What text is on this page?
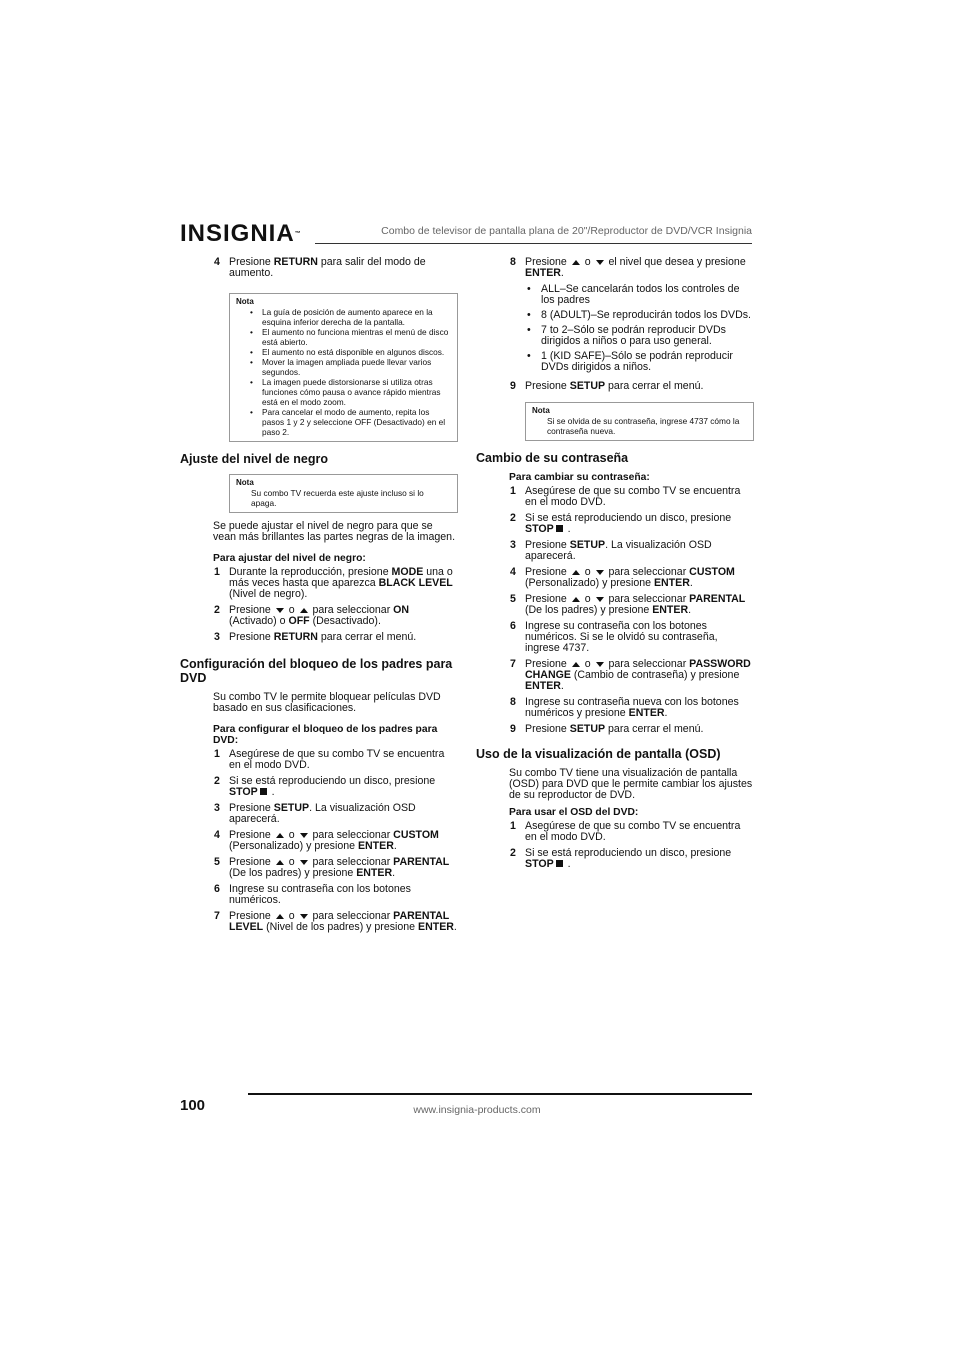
INSIGNIA™	Combo de televisor de pantalla plana de 20"/Reproductor de DVD/VCR Insignia
4 Presione RETURN para salir del modo de aumento.
Nota
• La guía de posición de aumento aparece en la esquina inferior derecha de la pantalla.
• El aumento no funciona mientras el menú de disco está abierto.
• El aumento no está disponible en algunos discos.
• Mover la imagen ampliada puede llevar varios segundos.
• La imagen puede distorsionarse si utiliza otras funciones cómo pausa o avance rápido mientras está en el modo zoom.
• Para cancelar el modo de aumento, repita los pasos 1 y 2 y seleccione OFF (Desactivado) en el paso 2.
Ajuste del nivel de negro
Nota
Su combo TV recuerda este ajuste incluso si lo apaga.
Se puede ajustar el nivel de negro para que se vean más brillantes las partes negras de la imagen.
Para ajustar del nivel de negro:
1 Durante la reproducción, presione MODE una o más veces hasta que aparezca BLACK LEVEL (Nivel de negro).
2 Presione  o  para seleccionar ON (Activado) o OFF (Desactivado).
3 Presione RETURN para cerrar el menú.
Configuración del bloqueo de los padres para DVD
Su combo TV le permite bloquear películas DVD basado en sus clasificaciones.
Para configurar el bloqueo de los padres para DVD:
1 Asegúrese de que su combo TV se encuentra en el modo DVD.
2 Si se está reproduciendo un disco, presione STOP .
3 Presione SETUP. La visualización OSD aparecerá.
4 Presione  o  para seleccionar CUSTOM (Personalizado) y presione ENTER.
5 Presione  o  para seleccionar PARENTAL (De los padres) y presione ENTER.
6 Ingrese su contraseña con los botones numéricos.
7 Presione  o  para seleccionar PARENTAL LEVEL (Nivel de los padres) y presione ENTER.
8 Presione  o  el nivel que desea y presione ENTER.
• ALL–Se cancelarán todos los controles de los padres
• 8 (ADULT)–Se reproducirán todos los DVDs.
• 7 to 2–Sólo se podrán reproducir DVDs dirigidos a niños o para uso general.
• 1 (KID SAFE)–Sólo se podrán reproducir DVDs dirigidos a niños.
9 Presione SETUP para cerrar el menú.
Nota
Si se olvida de su contraseña, ingrese 4737 cómo la contraseña nueva.
Cambio de su contraseña
Para cambiar su contraseña:
1 Asegúrese de que su combo TV se encuentra en el modo DVD.
2 Si se está reproduciendo un disco, presione STOP .
3 Presione SETUP. La visualización OSD aparecerá.
4 Presione  o  para seleccionar CUSTOM (Personalizado) y presione ENTER.
5 Presione  o  para seleccionar PARENTAL (De los padres) y presione ENTER.
6 Ingrese su contraseña con los botones numéricos. Si se le olvidó su contraseña, ingrese 4737.
7 Presione  o  para seleccionar PASSWORD CHANGE (Cambio de contraseña) y presione ENTER.
8 Ingrese su contraseña nueva con los botones numéricos y presione ENTER.
9 Presione SETUP para cerrar el menú.
Uso de la visualización de pantalla (OSD)
Su combo TV tiene una visualización de pantalla (OSD) para DVD que le permite cambiar los ajustes de su reproductor de DVD.
Para usar el OSD del DVD:
1 Asegúrese de que su combo TV se encuentra en el modo DVD.
2 Si se está reproduciendo un disco, presione STOP .
100	www.insignia-products.com
